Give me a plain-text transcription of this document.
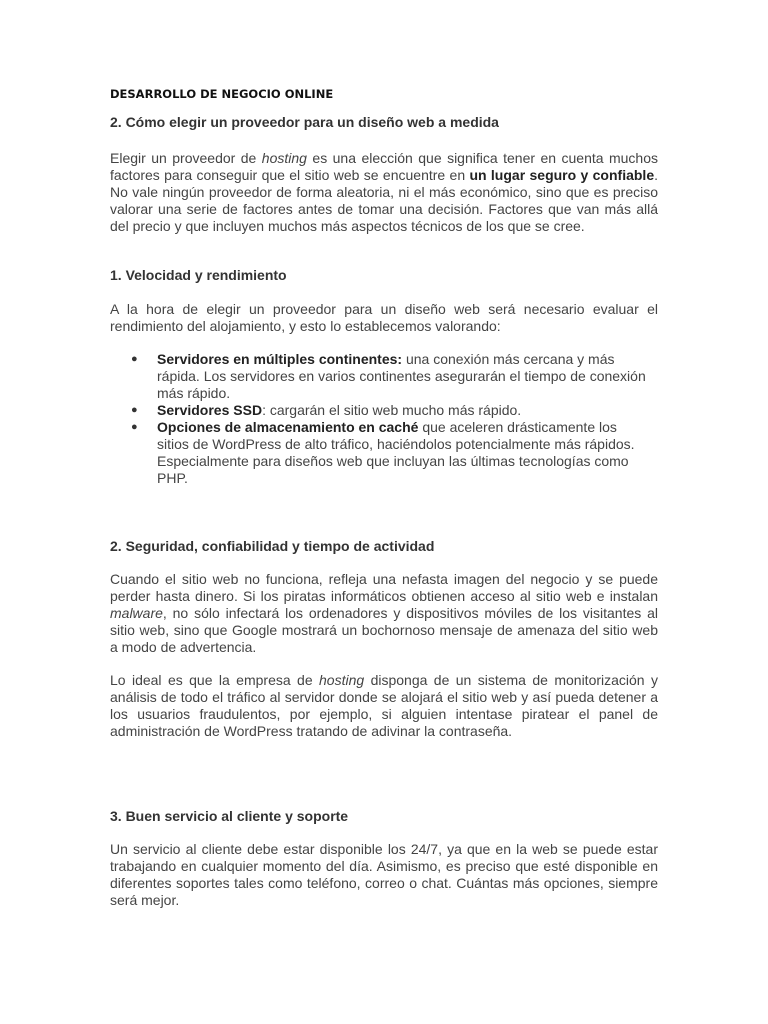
DESARROLLO DE NEGOCIO ONLINE
2. Cómo elegir un proveedor para un diseño web a medida
Elegir un proveedor de hosting es una elección que significa tener en cuenta muchos factores para conseguir que el sitio web se encuentre en un lugar seguro y confiable. No vale ningún proveedor de forma aleatoria, ni el más económico, sino que es preciso valorar una serie de factores antes de tomar una decisión. Factores que van más allá del precio y que incluyen muchos más aspectos técnicos de los que se cree.
1. Velocidad y rendimiento
A la hora de elegir un proveedor para un diseño web será necesario evaluar el rendimiento del alojamiento, y esto lo establecemos valorando:
● Servidores en múltiples continentes: una conexión más cercana y más rápida. Los servidores en varios continentes asegurarán el tiempo de conexión más rápido.
● Servidores SSD: cargarán el sitio web mucho más rápido.
● Opciones de almacenamiento en caché que aceleren drásticamente los sitios de WordPress de alto tráfico, haciéndolos potencialmente más rápidos. Especialmente para diseños web que incluyan las últimas tecnologías como PHP.
2. Seguridad, confiabilidad y tiempo de actividad
Cuando el sitio web no funciona, refleja una nefasta imagen del negocio y se puede perder hasta dinero. Si los piratas informáticos obtienen acceso al sitio web e instalan malware, no sólo infectará los ordenadores y dispositivos móviles de los visitantes al sitio web, sino que Google mostrará un bochornoso mensaje de amenaza del sitio web a modo de advertencia.
Lo ideal es que la empresa de hosting disponga de un sistema de monitorización y análisis de todo el tráfico al servidor donde se alojará el sitio web y así pueda detener a los usuarios fraudulentos, por ejemplo, si alguien intentase piratear el panel de administración de WordPress tratando de adivinar la contraseña.
3. Buen servicio al cliente y soporte
Un servicio al cliente debe estar disponible los 24/7, ya que en la web se puede estar trabajando en cualquier momento del día. Asimismo, es preciso que esté disponible en diferentes soportes tales como teléfono, correo o chat. Cuántas más opciones, siempre será mejor.
